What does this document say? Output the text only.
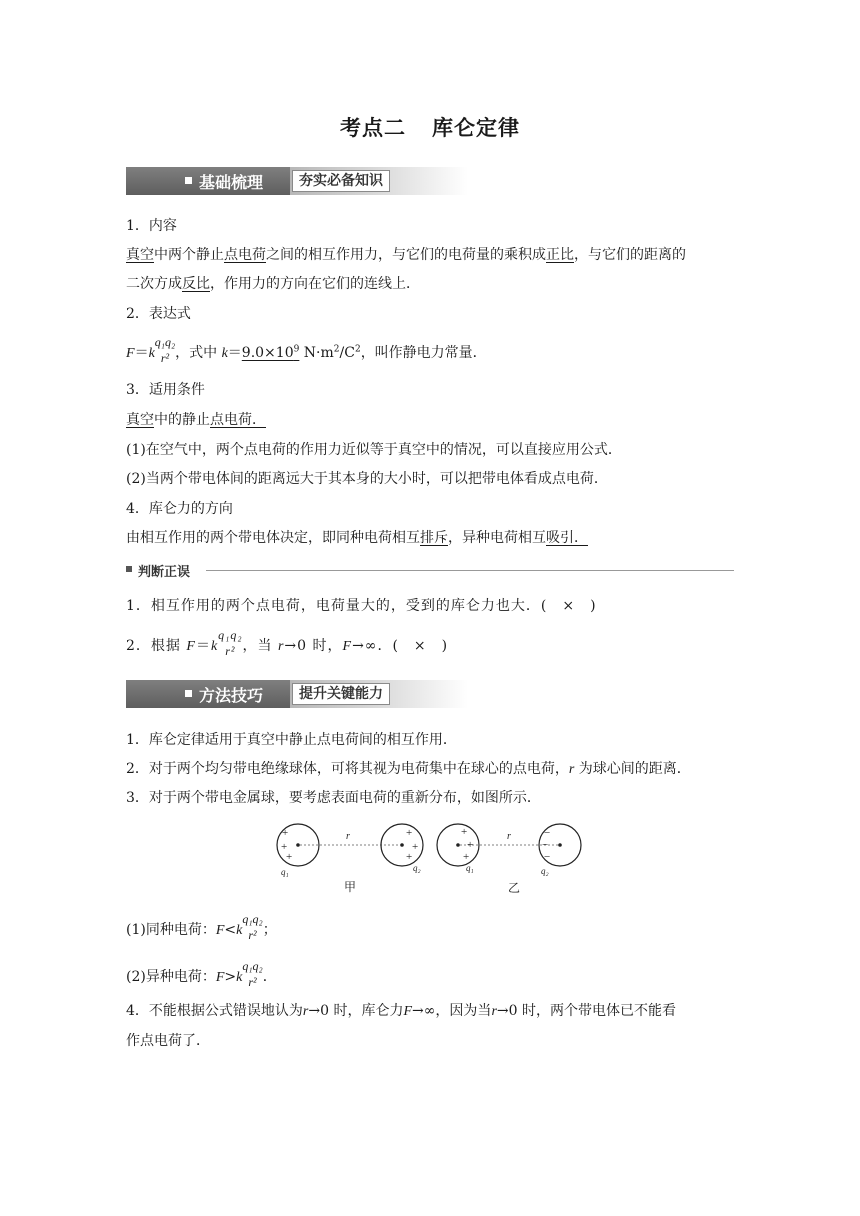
考点二 库仑定律
基础梳理	夯实必备知识
1．内容
真空中两个静止点电荷之间的相互作用力，与它们的电荷量的乘积成正比，与它们的距离的
二次方成反比，作用力的方向在它们的连线上．
2．表达式
F＝k
q₁q₂
r² ，式中 $k=9.0\times 10^9$ $N\cdot m^2/C^2$，叫作静电力常量．
3．适用条件
真空中的静止点电荷．
(1)在空气中，两个点电荷的作用力近似等于真空中的情况，可以直接应用公式．
(2)当两个带电体间的距离远大于其本身的大小时，可以把带电体看成点电荷．
4．库仑力的方向
由相互作用的两个带电体决定，即同种电荷相互排斥，异种电荷相互吸引．
判断正误
1．相互作用的两个点电荷，电荷量大的，受到的库仑力也大．(　×　)
2．根据 F＝k
q₁q₂
r² ，当 r→0 时，F→∞．(　×　)
方法技巧	提升关键能力
1．库仑定律适用于真空中静止点电荷间的相互作用．
2．对于两个均匀带电绝缘球体，可将其视为电荷集中在球心的点电荷，r 为球心间的距离．
3．对于两个带电金属球，要考虑表面电荷的重新分布，如图所示．
+
+
+
r	+
+
+
q₁	q₂
甲
+
+
+
r	−
−
−
q₁	q₂
乙
(1)同种电荷：F<k
q₁q₂
r² ；
(2)异种电荷：F>k
q₁q₂
r² ．
4．不能根据公式错误地认为r→0 时，库仑力F→∞，因为当r→0 时，两个带电体已不能看
作点电荷了．
